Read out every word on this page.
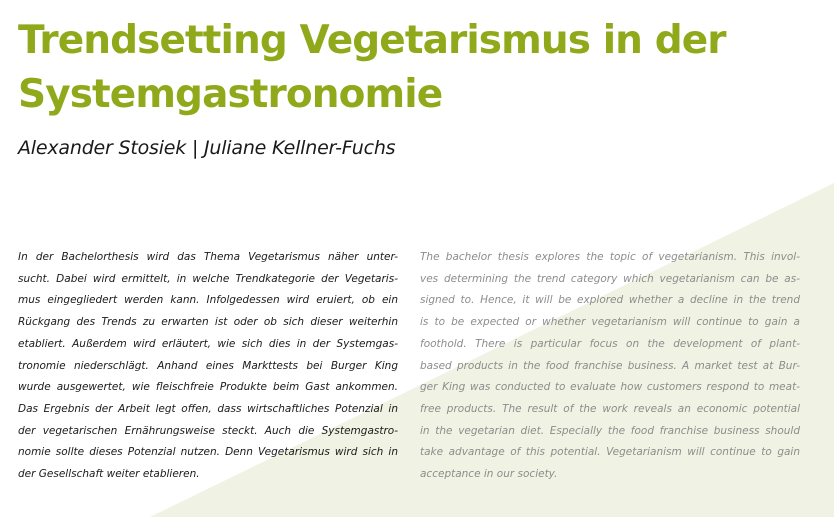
Trendsetting Vegetarismus in der
Systemgastronomie

Alexander Stosiek | Juliane Kellner-Fuchs

In der Bachelorthesis wird das Thema Vegetarismus näher unter-
sucht. Dabei wird ermittelt, in welche Trendkategorie der Vegetaris-
mus eingegliedert werden kann. Infolgedessen wird eruiert, ob ein
Rückgang des Trends zu erwarten ist oder ob sich dieser weiterhin
etabliert. Außerdem wird erläutert, wie sich dies in der Systemgas-
tronomie niederschlägt. Anhand eines Markttests bei Burger King
wurde ausgewertet, wie fleischfreie Produkte beim Gast ankommen.
Das Ergebnis der Arbeit legt offen, dass wirtschaftliches Potenzial in
der vegetarischen Ernährungsweise steckt. Auch die Systemgastro-
nomie sollte dieses Potenzial nutzen. Denn Vegetarismus wird sich in
der Gesellschaft weiter etablieren.
The bachelor thesis explores the topic of vegetarianism. This invol-
ves determining the trend category which vegetarianism can be as-
signed to. Hence, it will be explored whether a decline in the trend
is to be expected or whether vegetarianism will continue to gain a
foothold. There is particular focus on the development of plant-
based products in the food franchise business. A market test at Bur-
ger King was conducted to evaluate how customers respond to meat-
free products. The result of the work reveals an economic potential
in the vegetarian diet. Especially the food franchise business should
take advantage of this potential. Vegetarianism will continue to gain
acceptance in our society.
